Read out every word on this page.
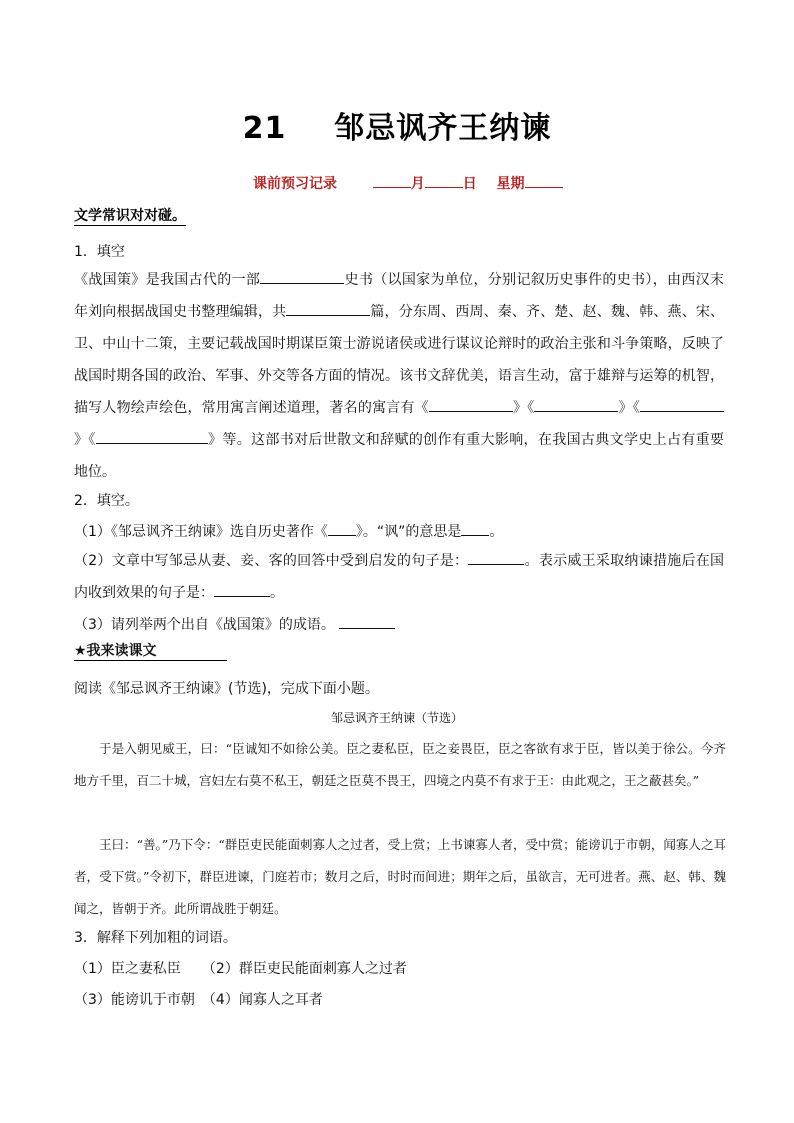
21 邹忌讽齐王纳谏
课前预习记录	月	日 星期
文学常识对对碰。
1．填空
《战国策》是我国古代的一部	史书（以国家为单位，分别记叙历史事件的史书），由西汉末年刘向根据战国史书整理编辑，共	篇，分东周、西周、秦、齐、楚、赵、魏、韩、燕、宋、卫、中山十二策，主要记载战国时期谋臣策士游说诸侯或进行谋议论辩时的政治主张和斗争策略，反映了战国时期各国的政治、军事、外交等各方面的情况。该书文辞优美，语言生动，富于雄辩与运筹的机智，描写人物绘声绘色，常用寓言阐述道理，著名的寓言有《	》《	》《》《	》等。这部书对后世散文和辞赋的创作有重大影响，在我国古典文学史上占有重要地位。
2．填空。
（1）《邹忌讽齐王纳谏》选自历史著作《 》。“讽”的意思是 。
（2）文章中写邹忌从妻、妾、客的回答中受到启发的句子是：	。表示威王采取纳谏措施后在国内收到效果的句子是：	。
（3）请列举两个出自《战国策》的成语。
★我来读课文
阅读《邹忌讽齐王纳谏》(节选)，完成下面小题。
邹忌讽齐王纳谏（节选）
于是入朝见威王，曰：“臣诚知不如徐公美。臣之妻私臣，臣之妾畏臣，臣之客欲有求于臣，皆以美于徐公。今齐地方千里，百二十城，宫妇左右莫不私王，朝廷之臣莫不畏王，四境之内莫不有求于王：由此观之，王之蔽甚矣。”
王曰：“善。”乃下令：“群臣吏民能面刺寡人之过者，受上赏；上书谏寡人者，受中赏；能谤讥于市朝，闻寡人之耳者，受下赏。”令初下，群臣进谏，门庭若市；数月之后，时时而间进；期年之后，虽欲言，无可进者。燕、赵、韩、魏闻之，皆朝于齐。此所谓战胜于朝廷。
3．解释下列加粗的词语。
（1）臣之妻私臣　　（2）群臣吏民能面刺寡人之过者
（3）能谤讥于市朝　（4）闻寡人之耳者
